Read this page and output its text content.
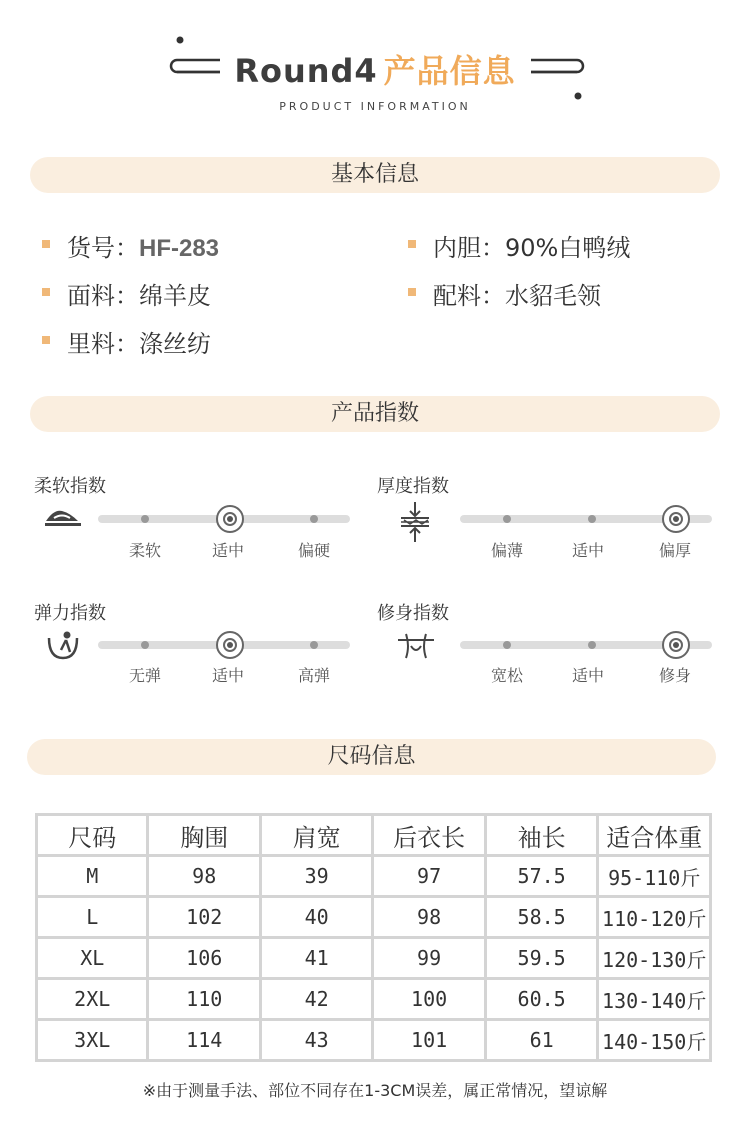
Round4 产品信息
PRODUCT INFORMATION
基本信息
货号：HF-283	内胆：90%白鸭绒
面料：绵羊皮	配料：水貂毛领
里料：涤丝纺
产品指数
柔软指数
柔软	适中	偏硬
厚度指数
偏薄	适中	偏厚
弹力指数
无弹	适中	高弹
修身指数
宽松	适中	修身
尺码信息
尺码	胸围	肩宽	后衣长	袖长	适合体重
M	98	39	97	57.5	95-110斤
L	102	40	98	58.5	110-120斤
XL	106	41	99	59.5	120-130斤
2XL	110	42	100	60.5	130-140斤
3XL	114	43	101	61	140-150斤
※由于测量手法、部位不同存在1-3CM误差，属正常情况，望谅解
